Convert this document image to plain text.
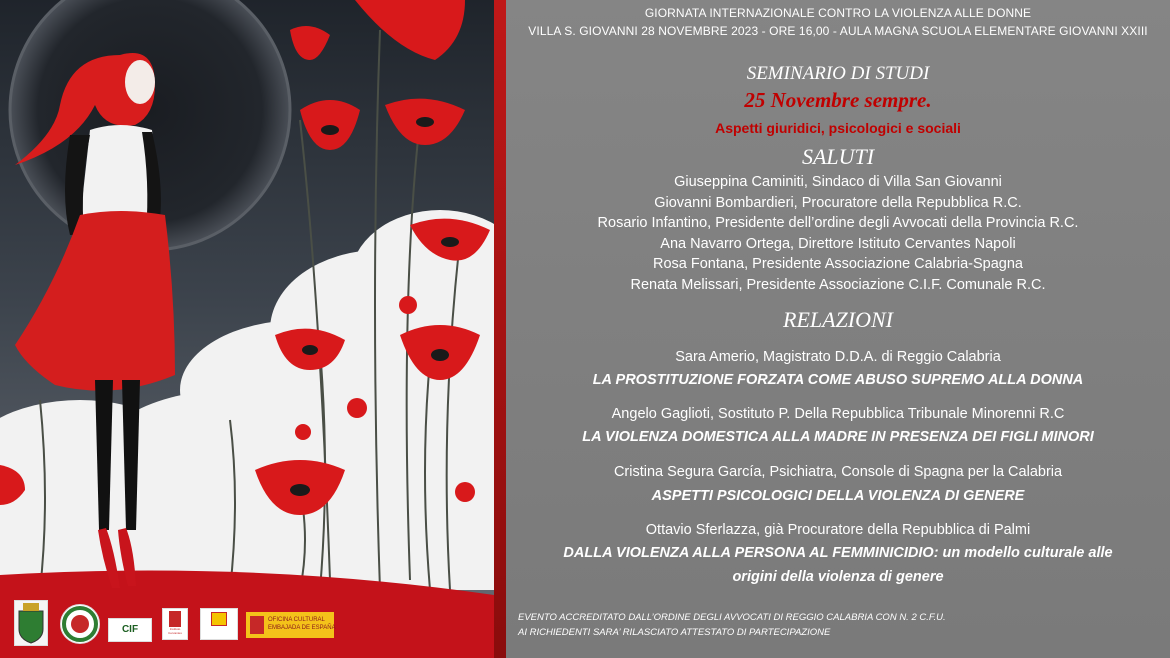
CIF	Instituto Cervantes
OFICINA CULTURAL
EMBAJADA DE ESPAÑA
GIORNATA INTERNAZIONALE CONTRO LA VIOLENZA ALLE DONNE
VILLA S. GIOVANNI 28 NOVEMBRE 2023 - ORE 16,00 - AULA MAGNA SCUOLA ELEMENTARE GIOVANNI XXIII
SEMINARIO DI STUDI
25 Novembre sempre.
Aspetti giuridici, psicologici e sociali
SALUTI
Giuseppina Caminiti, Sindaco di Villa San Giovanni
Giovanni Bombardieri, Procuratore della Repubblica R.C.
Rosario Infantino, Presidente dell’ordine degli Avvocati della Provincia R.C.
Ana Navarro Ortega, Direttore Istituto Cervantes Napoli
Rosa Fontana, Presidente Associazione Calabria-Spagna
Renata Melissari, Presidente Associazione C.I.F. Comunale R.C.
RELAZIONI
Sara Amerio, Magistrato D.D.A. di Reggio Calabria
LA PROSTITUZIONE FORZATA COME ABUSO SUPREMO ALLA DONNA
Angelo Gaglioti, Sostituto P. Della Repubblica Tribunale Minorenni R.C
LA VIOLENZA DOMESTICA ALLA MADRE IN PRESENZA DEI FIGLI MINORI
Cristina Segura García, Psichiatra, Console di Spagna per la Calabria
ASPETTI PSICOLOGICI DELLA VIOLENZA DI GENERE
Ottavio Sferlazza, già Procuratore della Repubblica di Palmi
DALLA VIOLENZA ALLA PERSONA AL FEMMINICIDIO: un modello culturale alle
origini della violenza di genere
EVENTO ACCREDITATO DALL’ORDINE DEGLI AVVOCATI DI REGGIO CALABRIA CON N. 2 C.F.U.
AI RICHIEDENTI SARA’ RILASCIATO ATTESTATO DI PARTECIPAZIONE
